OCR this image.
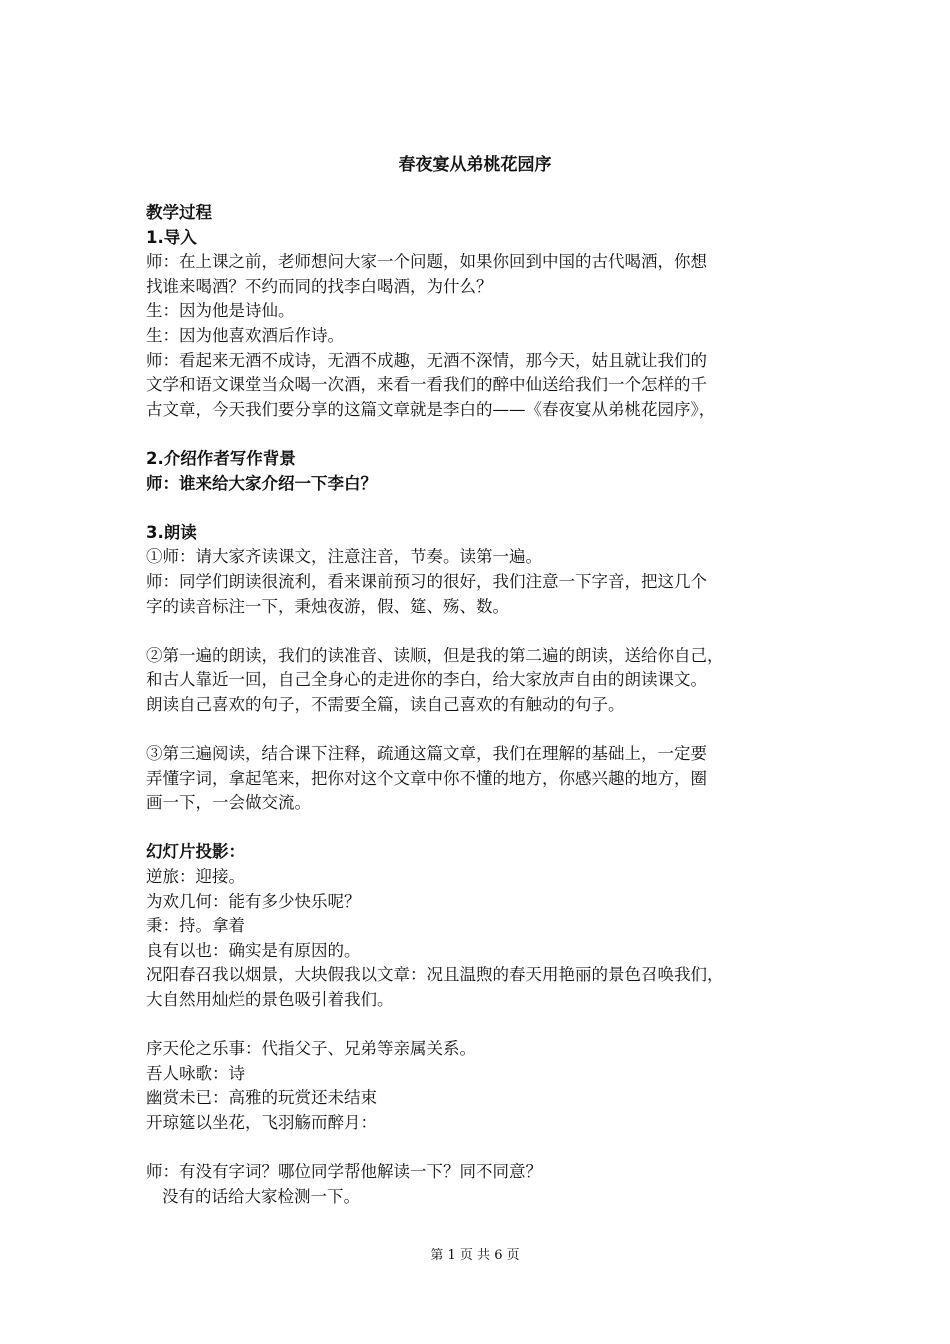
春夜宴从弟桃花园序
教学过程
1.导入
师：在上课之前，老师想问大家一个问题，如果你回到中国的古代喝酒，你想
找谁来喝酒？不约而同的找李白喝酒，为什么？
生：因为他是诗仙。
生：因为他喜欢酒后作诗。
师：看起来无酒不成诗，无酒不成趣，无酒不深情，那今天，姑且就让我们的
文学和语文课堂当众喝一次酒，来看一看我们的醉中仙送给我们一个怎样的千
古文章，今天我们要分享的这篇文章就是李白的——《春夜宴从弟桃花园序》，
2.介绍作者写作背景
师：谁来给大家介绍一下李白？
3.朗读
①师：请大家齐读课文，注意注音，节奏。读第一遍。
师：同学们朗读很流利，看来课前预习的很好，我们注意一下字音，把这几个
字的读音标注一下，秉烛夜游，假、筵、殇、数。
②第一遍的朗读，我们的读准音、读顺，但是我的第二遍的朗读，送给你自己，
和古人靠近一回，自己全身心的走进你的李白，给大家放声自由的朗读课文。
朗读自己喜欢的句子，不需要全篇，读自己喜欢的有触动的句子。
③第三遍阅读，结合课下注释，疏通这篇文章，我们在理解的基础上，一定要
弄懂字词，拿起笔来，把你对这个文章中你不懂的地方，你感兴趣的地方，圈
画一下，一会做交流。
幻灯片投影：
逆旅：迎接。
为欢几何：能有多少快乐呢？
秉：持。拿着
良有以也：确实是有原因的。
况阳春召我以烟景，大块假我以文章：况且温煦的春天用艳丽的景色召唤我们，
大自然用灿烂的景色吸引着我们。
序天伦之乐事：代指父子、兄弟等亲属关系。
吾人咏歌：诗
幽赏未已：高雅的玩赏还未结束
开琼筵以坐花，飞羽觞而醉月：
师：有没有字词？哪位同学帮他解读一下？同不同意？
没有的话给大家检测一下。
第 1 页 共 6 页
